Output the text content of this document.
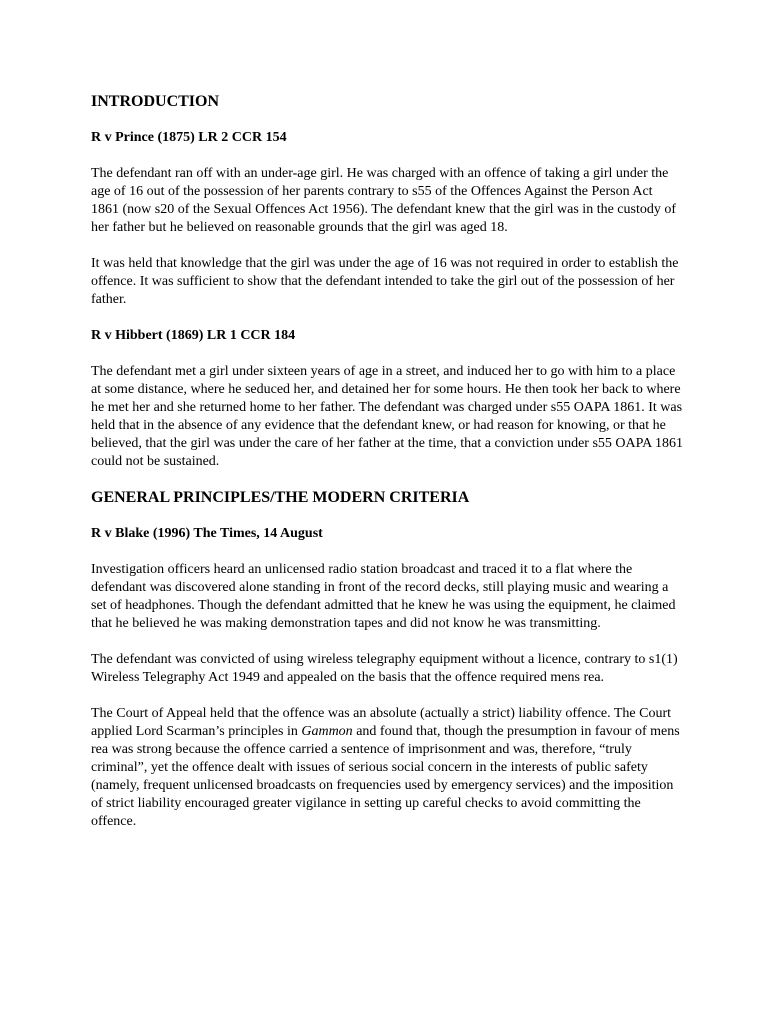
INTRODUCTION
R v Prince (1875) LR 2 CCR 154

The defendant ran off with an under-age girl. He was charged with an offence of taking a girl under the age of 16 out of the possession of her parents contrary to s55 of the Offences Against the Person Act 1861 (now s20 of the Sexual Offences Act 1956). The defendant knew that the girl was in the custody of her father but he believed on reasonable grounds that the girl was aged 18.

It was held that knowledge that the girl was under the age of 16 was not required in order to establish the offence. It was sufficient to show that the defendant intended to take the girl out of the possession of her father.

R v Hibbert (1869) LR 1 CCR 184

The defendant met a girl under sixteen years of age in a street, and induced her to go with him to a place at some distance, where he seduced her, and detained her for some hours. He then took her back to where he met her and she returned home to her father. The defendant was charged under s55 OAPA 1861. It was held that in the absence of any evidence that the defendant knew, or had reason for knowing, or that he believed, that the girl was under the care of her father at the time, that a conviction under s55 OAPA 1861 could not be sustained.

GENERAL PRINCIPLES/THE MODERN CRITERIA
R v Blake (1996) The Times, 14 August

Investigation officers heard an unlicensed radio station broadcast and traced it to a flat where the defendant was discovered alone standing in front of the record decks, still playing music and wearing a set of headphones. Though the defendant admitted that he knew he was using the equipment, he claimed that he believed he was making demonstration tapes and did not know he was transmitting.

The defendant was convicted of using wireless telegraphy equipment without a licence, contrary to s1(1) Wireless Telegraphy Act 1949 and appealed on the basis that the offence required mens rea.

The Court of Appeal held that the offence was an absolute (actually a strict) liability offence. The Court applied Lord Scarman’s principles in Gammon and found that, though the presumption in favour of mens rea was strong because the offence carried a sentence of imprisonment and was, therefore, “truly criminal”, yet the offence dealt with issues of serious social concern in the interests of public safety (namely, frequent unlicensed broadcasts on frequencies used by emergency services) and the imposition of strict liability encouraged greater vigilance in setting up careful checks to avoid committing the offence.
